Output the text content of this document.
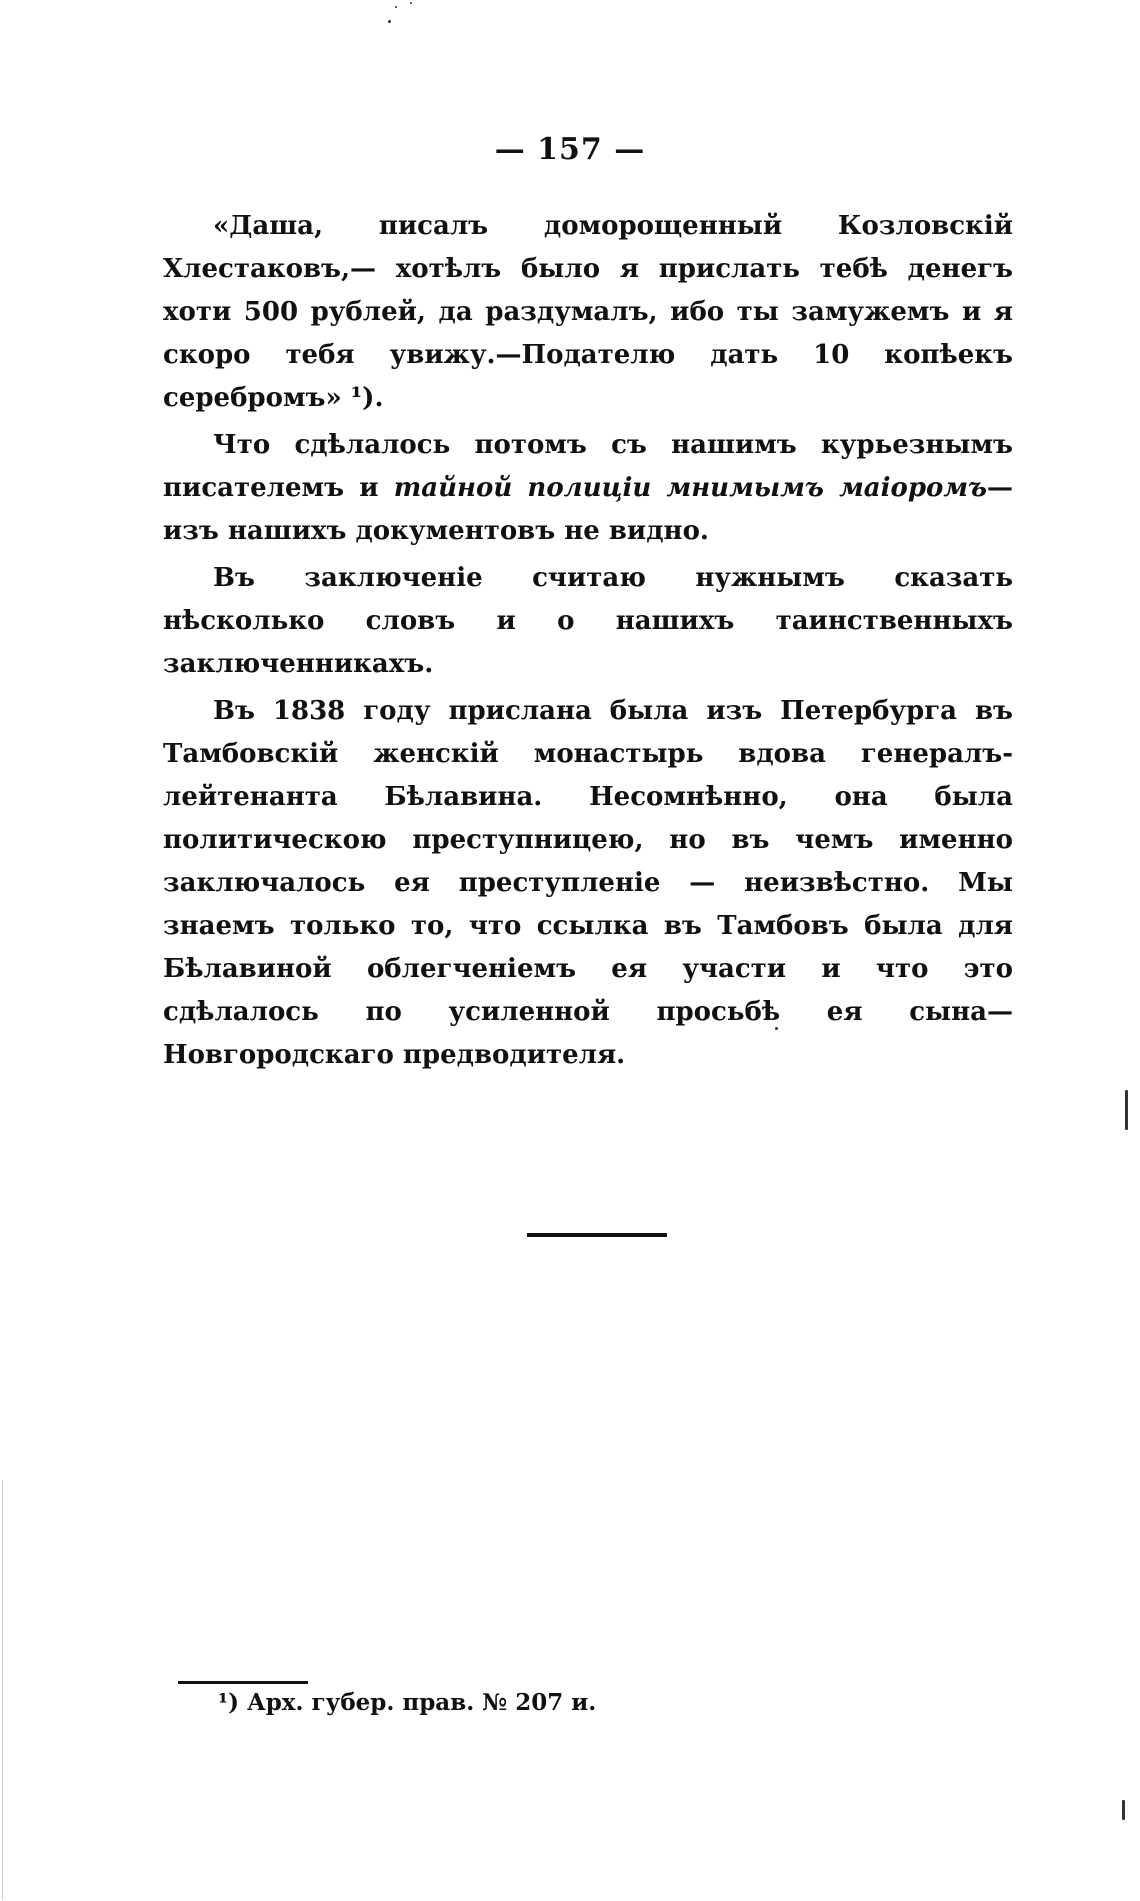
— 157 —

«Даша, писалъ доморощенный Козловскій Хлестаковъ,— хотѣлъ было я прислать тебѣ денегъ хоти 500 рублей, да раздумалъ, ибо ты замужемъ и я скоро тебя увижу.—Подателю дать 10 копѣекъ серебромъ» ¹).

Что сдѣлалось потомъ съ нашимъ курьезнымъ писателемъ и тайной полиціи мнимымъ маіоромъ—изъ нашихъ документовъ не видно.

Въ заключеніе считаю нужнымъ сказать нѣсколько словъ и о нашихъ таинственныхъ заключенникахъ.

Въ 1838 году прислана была изъ Петербурга въ Тамбовскій женскій монастырь вдова генералъ-лейтенанта Бѣлавина. Несомнѣнно, она была политическою преступницею, но въ чемъ именно заключалось ея преступленіе — неизвѣстно. Мы знаемъ только то, что ссылка въ Тамбовъ была для Бѣлавиной облегченіемъ ея участи и что это сдѣлалось по усиленной просьбѣ ея сына—Новгородскаго предводителя.

¹) Арх. губер. прав. № 207 и.
